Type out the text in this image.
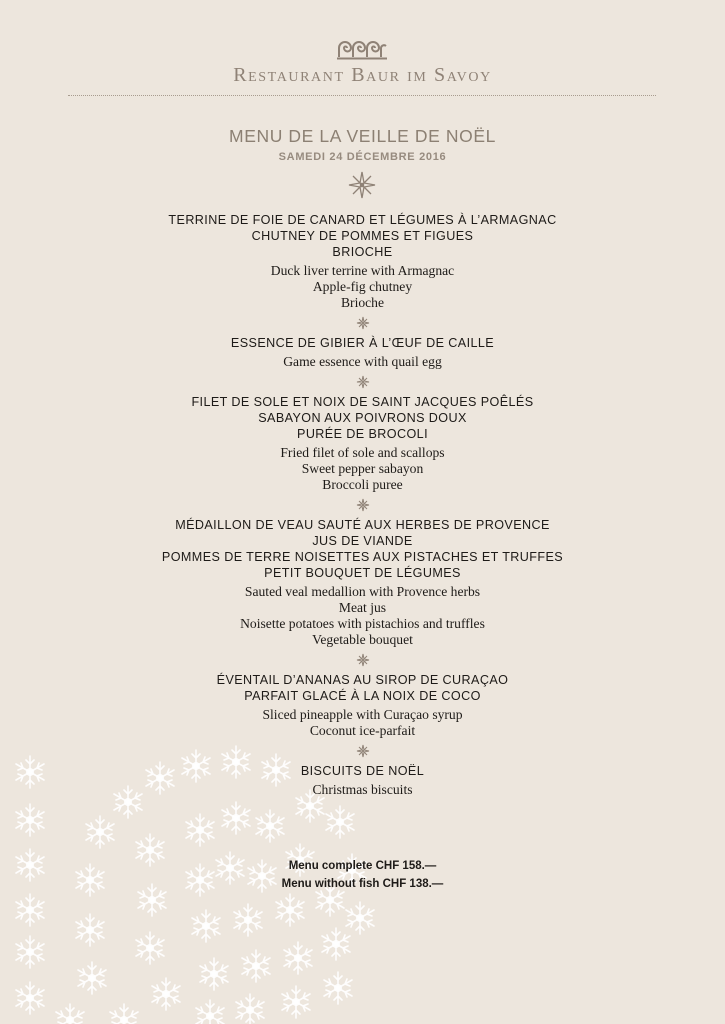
Restaurant Baur im Savoy
MENU DE LA VEILLE DE NOËL
SAMEDI 24 DÉCEMBRE 2016
TERRINE DE FOIE DE CANARD ET LÉGUMES À L’ARMAGNAC
CHUTNEY DE POMMES ET FIGUES
BRIOCHE
Duck liver terrine with Armagnac
Apple-fig chutney
Brioche
ESSENCE DE GIBIER À L’ŒUF DE CAILLE
Game essence with quail egg
FILET DE SOLE ET NOIX DE SAINT JACQUES POÊLÉS
SABAYON AUX POIVRONS DOUX
PURÉE DE BROCOLI
Fried filet of sole and scallops
Sweet pepper sabayon
Broccoli puree
MÉDAILLON DE VEAU SAUTÉ AUX HERBES DE PROVENCE
JUS DE VIANDE
POMMES DE TERRE NOISETTES AUX PISTACHES ET TRUFFES
PETIT BOUQUET DE LÉGUMES
Sauted veal medallion with Provence herbs
Meat jus
Noisette potatoes with pistachios and truffles
Vegetable bouquet
ÉVENTAIL D’ANANAS AU SIROP DE CURAÇAO
PARFAIT GLACÉ À LA NOIX DE COCO
Sliced pineapple with Curaçao syrup
Coconut ice-parfait
BISCUITS DE NOËL
Christmas biscuits
Menu complete CHF 158.—
Menu without fish CHF 138.—
